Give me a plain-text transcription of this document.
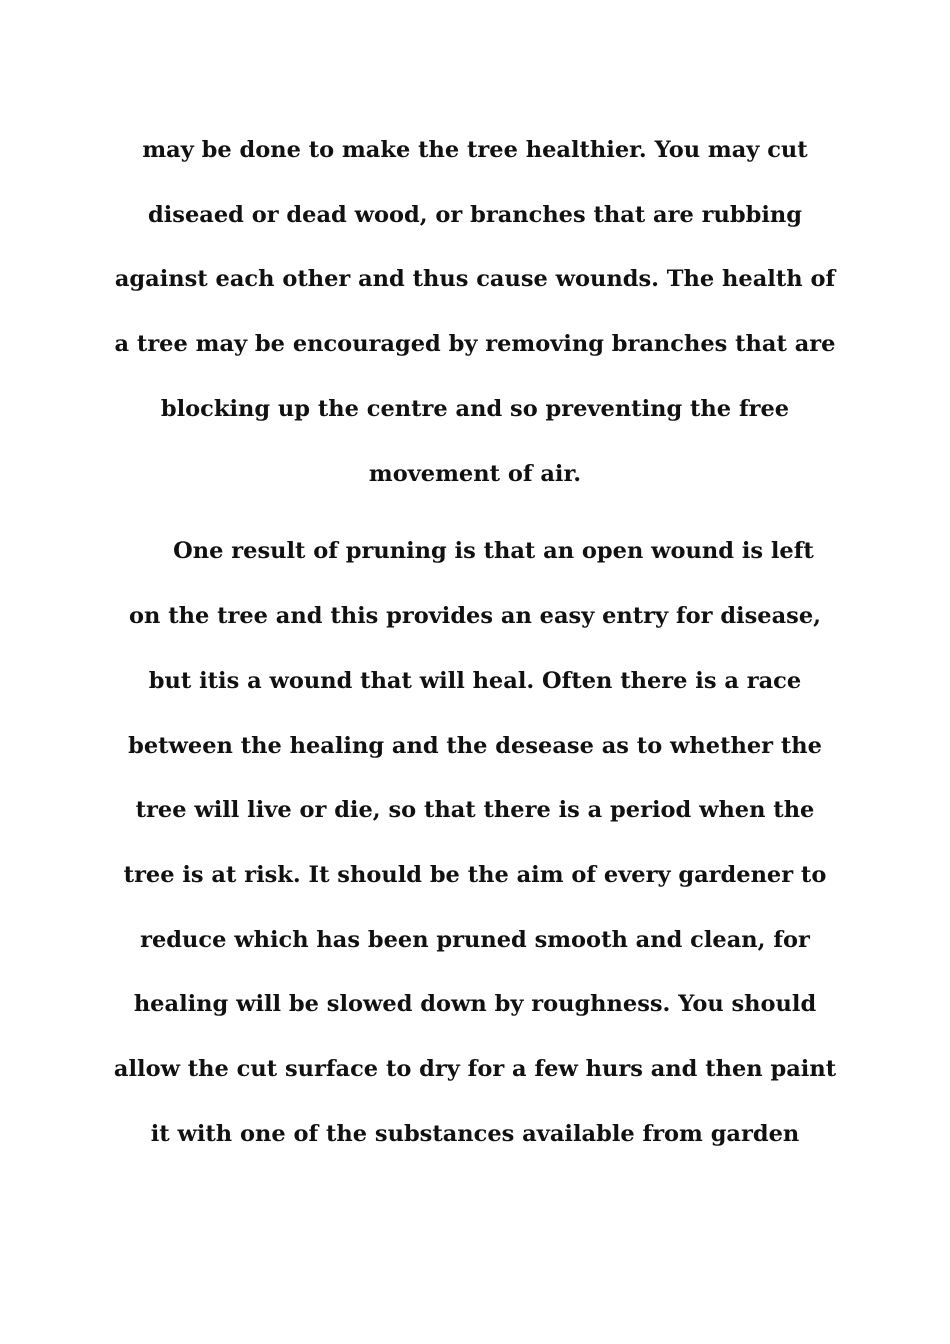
may be done to make the tree healthier. You may cut
diseaed or dead wood, or branches that are rubbing
against each other and thus cause wounds. The health of
a tree may be encouraged by removing branches that are
blocking up the centre and so preventing the free
movement of air.
One result of pruning is that an open wound is left
on the tree and this provides an easy entry for disease,
but itis a wound that will heal. Often there is a race
between the healing and the desease as to whether the
tree will live or die, so that there is a period when the
tree is at risk. It should be the aim of every gardener to
reduce which has been pruned smooth and clean, for
healing will be slowed down by roughness. You should
allow the cut surface to dry for a few hurs and then paint
it with one of the substances available from garden
